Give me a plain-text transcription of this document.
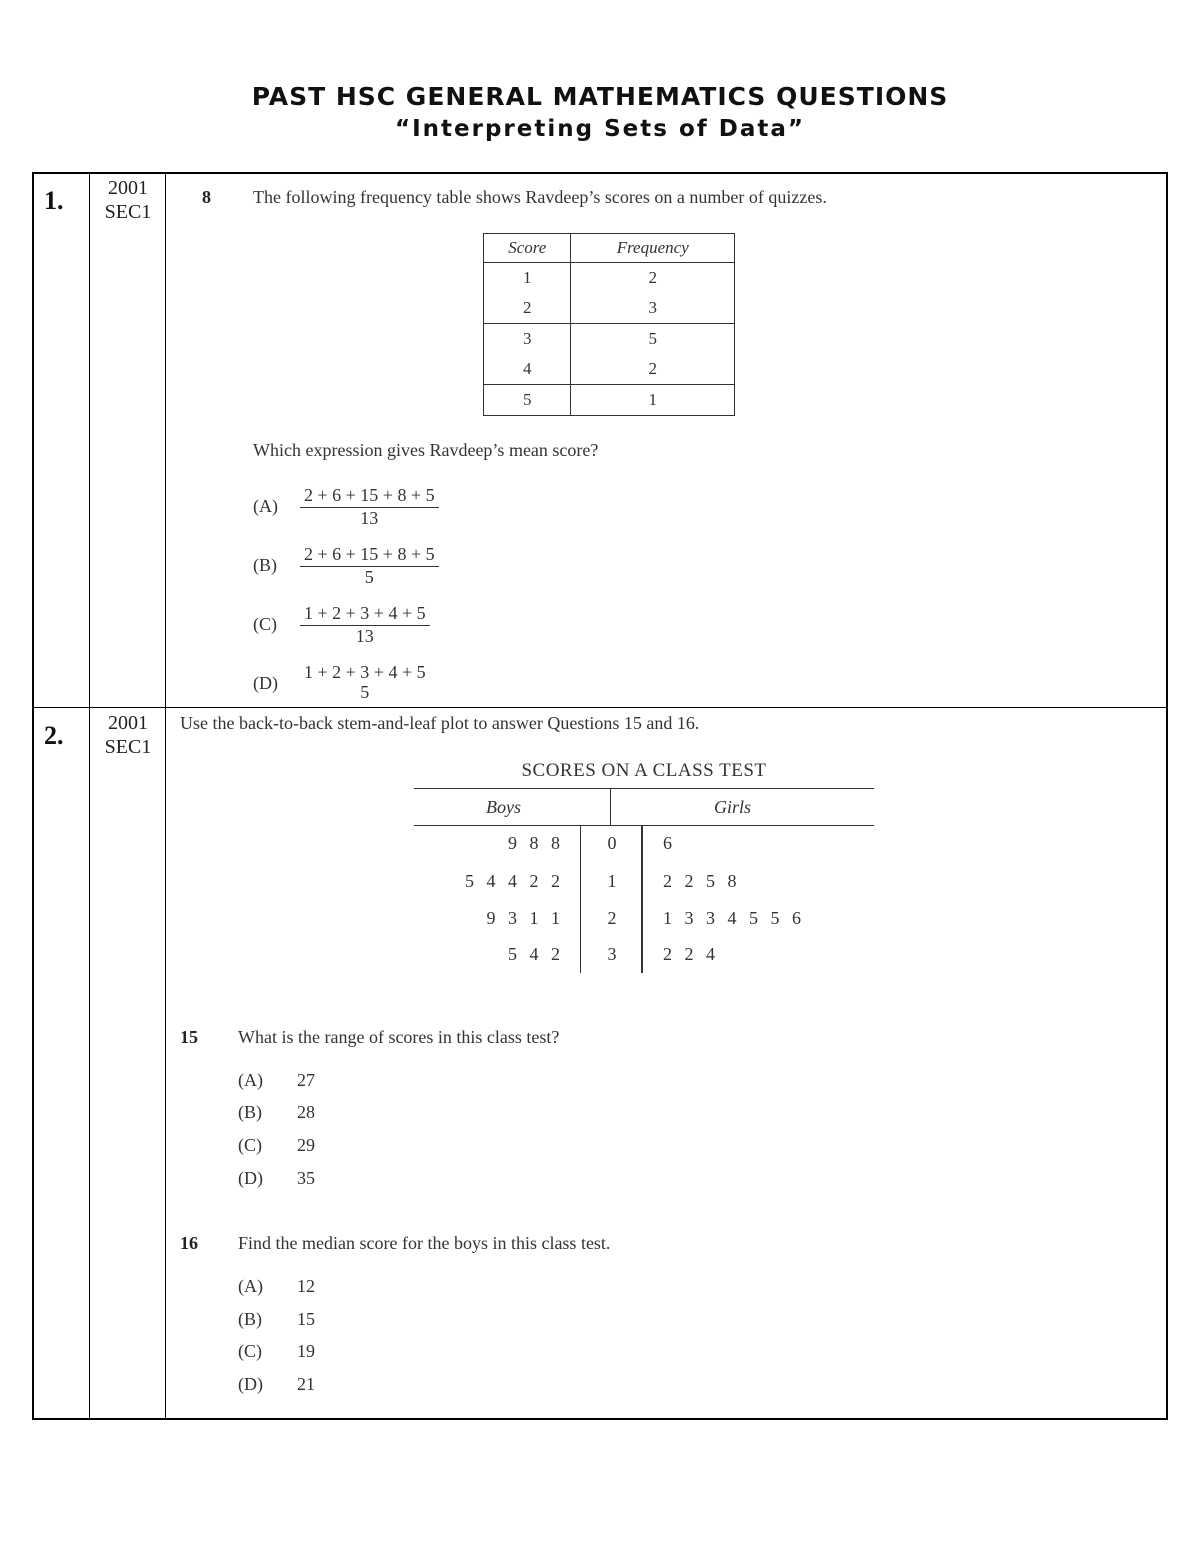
PAST HSC GENERAL MATHEMATICS QUESTIONS
“Interpreting Sets of Data”
1.	2001
SEC1
8 The following frequency table shows Ravdeep’s scores on a number of quizzes.
Score	Frequency
1	2
2	3
3	5
4	2
5	1
Which expression gives Ravdeep’s mean score?
$(A) \frac{2 + 6 + 15 + 8 + 5}{13}$
$(B) \frac{2 + 6 + 15 + 8 + 5}{5}$
$(C) \frac{1 + 2 + 3 + 4 + 5}{13}$
(D)
1 + 2 + 3 + 4 + 5
5
2.	2001
SEC1
Use the back-to-back stem-and-leaf plot to answer Questions 15 and 16.
SCORES ON A CLASS TEST
Boys	Girls
9 8 8	0	6
5 4 4 2 2	1	2 2 5 8
9 3 1 1	2	1 3 3 4 5 5 6
5 4 2	3	2 2 4
15 What is the range of scores in this class test?
(A) 27
(B) 28
(C) 29
(D) 35
16 Find the median score for the boys in this class test.
(A) 12
(B) 15
(C) 19
(D) 21
